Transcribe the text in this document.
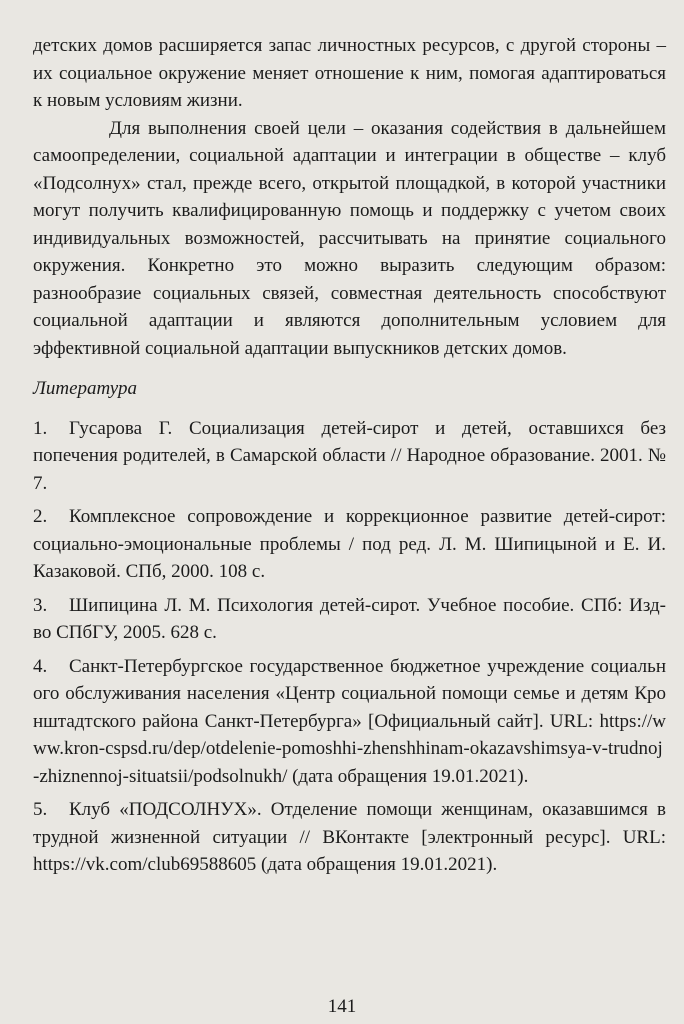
детских домов расширяется запас личностных ресурсов, с другой стороны – их социальное окружение меняет отношение к ним, помогая адаптироваться к новым условиям жизни.

Для выполнения своей цели – оказания содействия в дальнейшем самоопределении, социальной адаптации и интеграции в обществе – клуб «Подсолнух» стал, прежде всего, открытой площадкой, в которой участники могут получить квалифицированную помощь и поддержку с учетом своих индивидуальных возможностей, рассчитывать на принятие социального окружения. Конкретно это можно выразить следующим образом: разнообразие социальных связей, совместная деятельность способствуют социальной адаптации и являются дополнительным условием для эффективной социальной адаптации выпускников детских домов.

Литература

1. Гусарова Г. Социализация детей-сирот и детей, оставшихся без попечения родителей, в Самарской области // Народное образование. 2001. № 7.

2. Комплексное сопровождение и коррекционное развитие детей-сирот: социально-эмоциональные проблемы / под ред. Л. М. Шипицыной и Е. И. Казаковой. СПб, 2000. 108 с.

3. Шипицина Л. М. Психология детей-сирот. Учебное пособие. СПб: Изд-во СПбГУ, 2005. 628 с.

4. Санкт-Петербургское государственное бюджетное учреждение социального обслуживания населения «Центр социальной помощи семье и детям Кронштадтского района Санкт-Петербурга» [Официальный сайт]. URL: https://www.kron-cspsd.ru/dep/otdelenie-pomoshhi-zhenshhinam-okazavshimsya-v-trudnoj-zhiznennoj-situatsii/podsolnukh/ (дата обращения 19.01.2021).

5. Клуб «ПОДСОЛНУХ». Отделение помощи женщинам, оказавшимся в трудной жизненной ситуации // ВКонтакте [электронный ресурс]. URL: https://vk.com/club69588605 (дата обращения 19.01.2021).

141
